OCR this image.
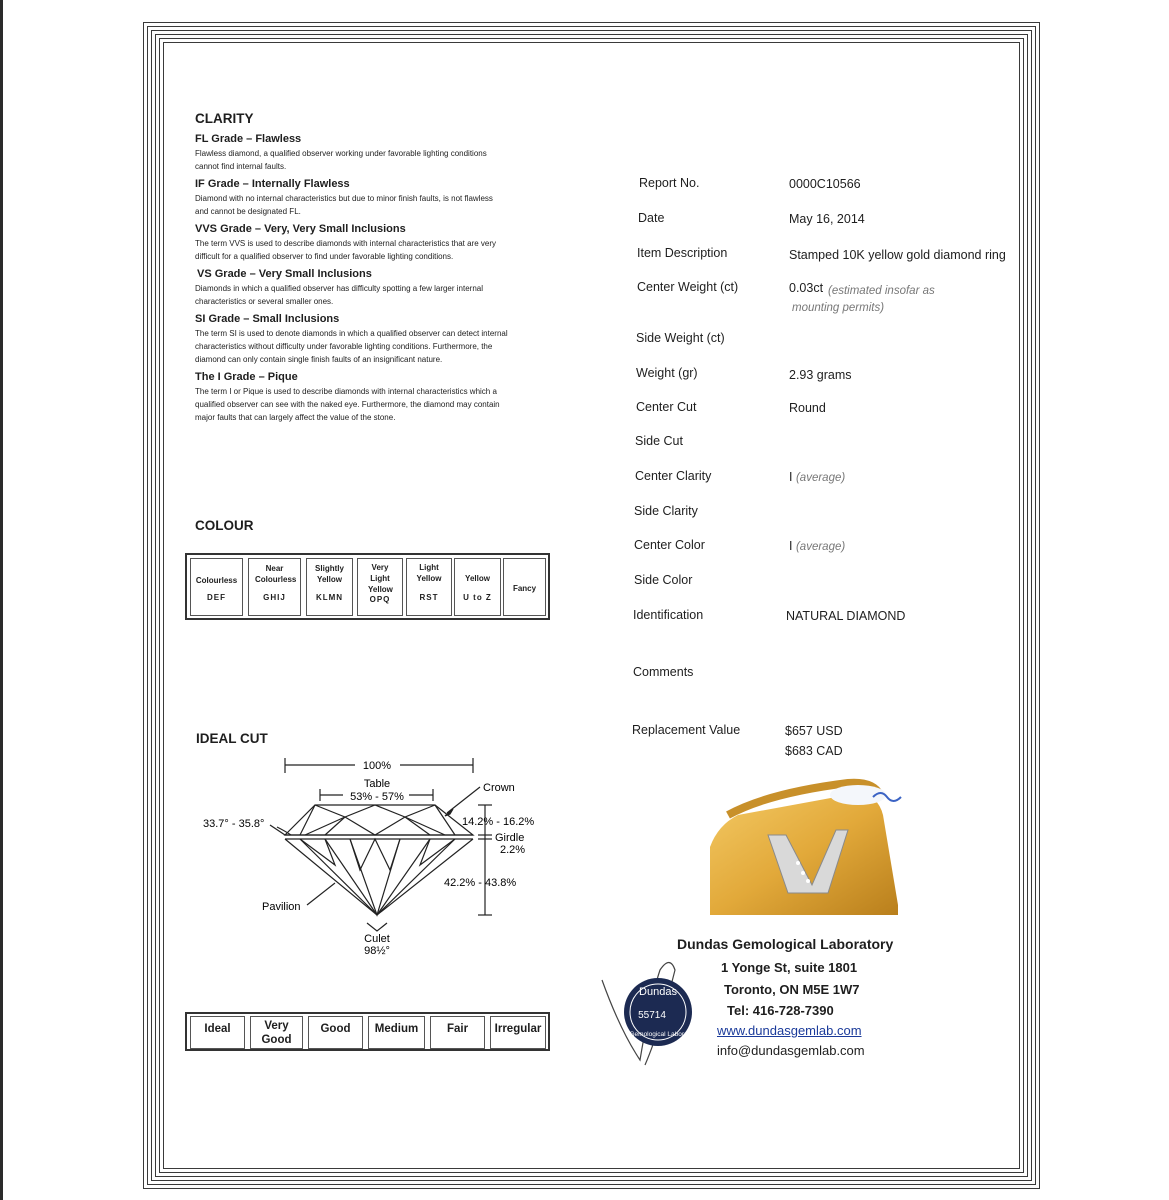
CLARITY
FL Grade – Flawless
Flawless diamond, a qualified observer working under favorable lighting conditions
cannot find internal faults.
IF Grade – Internally Flawless
Diamond with no internal characteristics but due to minor finish faults, is not flawless
and cannot be designated FL.
VVS Grade – Very, Very Small Inclusions
The term VVS is used to describe diamonds with internal characteristics that are very
difficult for a qualified observer to find under favorable lighting conditions.
VS Grade – Very Small Inclusions
Diamonds in which a qualified observer has difficulty spotting a few larger internal
characteristics or several smaller ones.
SI Grade – Small Inclusions
The term SI is used to denote diamonds in which a qualified observer can detect internal
characteristics without difficulty under favorable lighting conditions. Furthermore, the
diamond can only contain single finish faults of an insignificant nature.
The I Grade – Pique
The term I or Pique is used to describe diamonds with internal characteristics which a
qualified observer can see with the naked eye. Furthermore, the diamond may contain
major faults that can largely affect the value of the stone.
COLOUR
Colourless
DEF
Near Colourless
GHIJ
Slightly Yellow
KLMN
Very Light Yellow
OPQ
Light Yellow
RST
Yellow
U to Z
Fancy
IDEAL CUT
100%
Table
53% - 57%
Crown
33.7° - 35.8°	14.2% - 16.2%
Girdle
2.2%
42.2% - 43.8%
Pavilion
Culet
98½°
Ideal	Very Good
Good	Medium	Fair	Irregular
Report No.	0000C10566
Date	May 16, 2014
Item Description	Stamped 10K yellow gold diamond ring
Center Weight (ct)	0.03ct (estimated insofar as mounting permits)
Side Weight (ct)
Weight (gr)	2.93 grams
Center Cut	Round
Side Cut
Center Clarity	I (average)
Side Clarity
Center Color	I (average)
Side Color
Identification	NATURAL DIAMOND
Comments
Replacement Value	$657 USD
$683 CAD
Dundas
55714
Gemological Laboratory
Dundas Gemological Laboratory
1 Yonge St, suite 1801
Toronto, ON M5E 1W7
Tel: 416-728-7390
www.dundasgemlab.com
info@dundasgemlab.com
